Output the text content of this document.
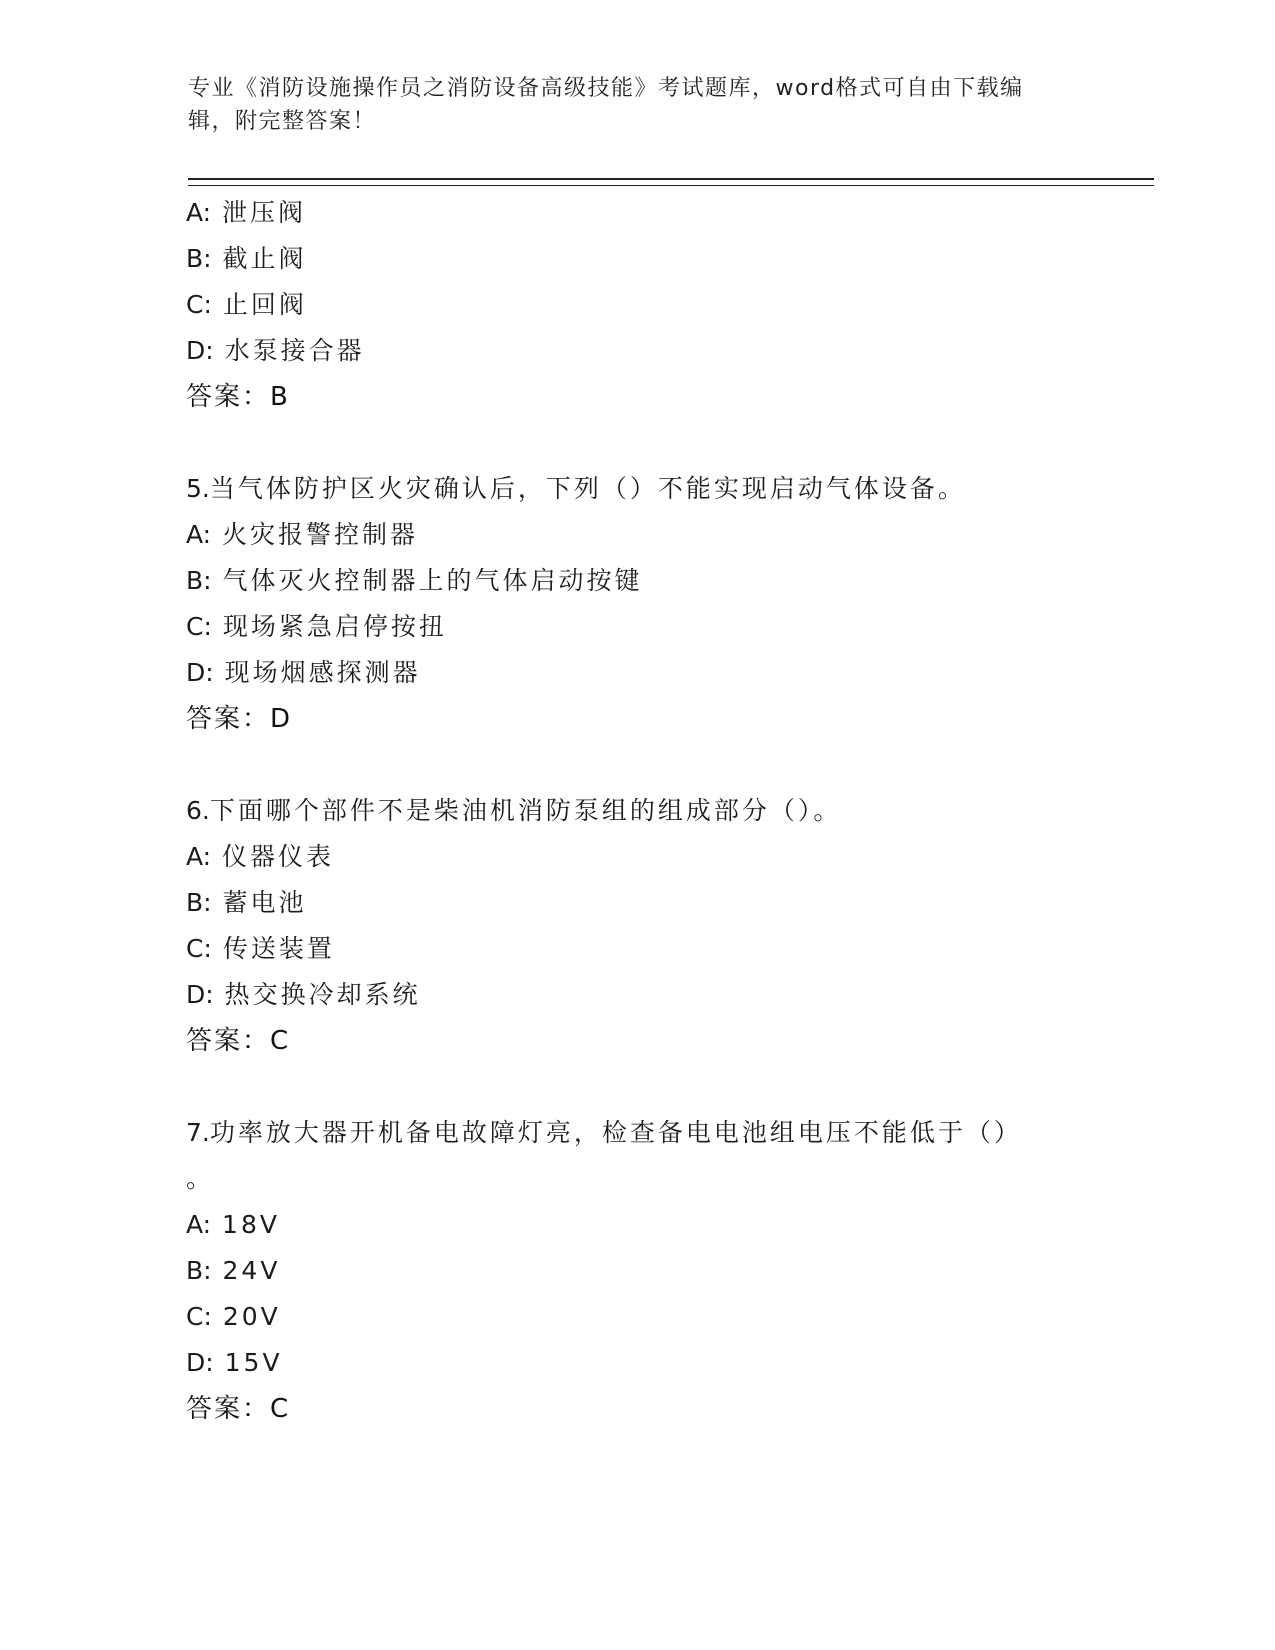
专业《消防设施操作员之消防设备高级技能》考试题库，word格式可自由下载编
辑，附完整答案！
A: 泄压阀
B: 截止阀
C: 止回阀
D: 水泵接合器
答案：B
5.当气体防护区火灾确认后，下列（）不能实现启动气体设备。
A: 火灾报警控制器
B: 气体灭火控制器上的气体启动按键
C: 现场紧急启停按扭
D: 现场烟感探测器
答案：D
6.下面哪个部件不是柴油机消防泵组的组成部分（）。
A: 仪器仪表
B: 蓄电池
C: 传送装置
D: 热交换冷却系统
答案：C
7.功率放大器开机备电故障灯亮，检查备电电池组电压不能低于（）
。
A: 18V
B: 24V
C: 20V
D: 15V
答案：C
